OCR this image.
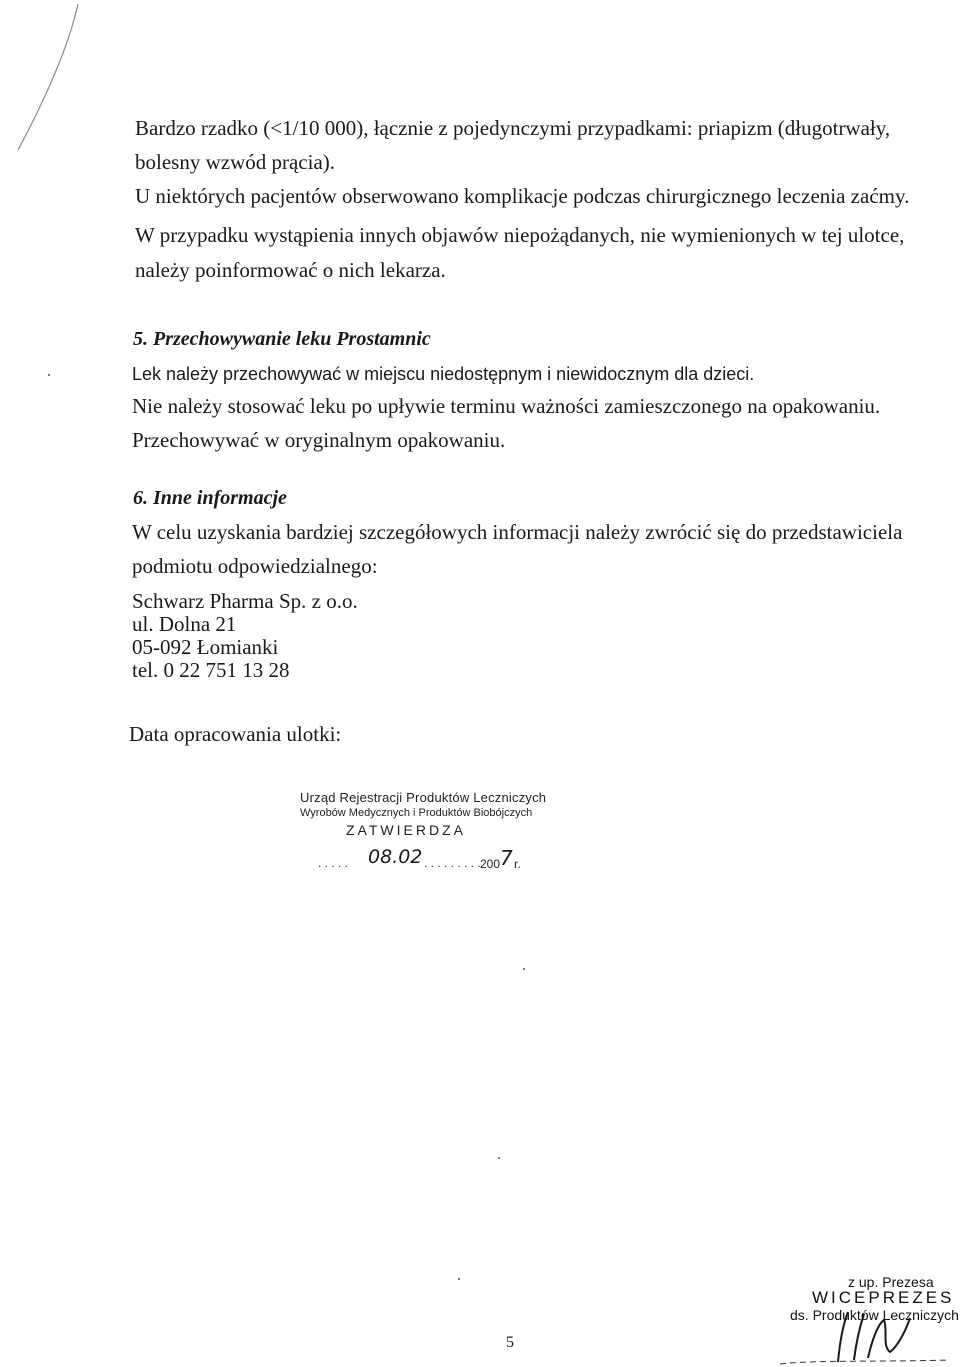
Bardzo rzadko (<1/10 000), łącznie z pojedynczymi przypadkami: priapizm (długotrwały,
bolesny wzwód prącia).
U niektórych pacjentów obserwowano komplikacje podczas chirurgicznego leczenia zaćmy.
W przypadku wystąpienia innych objawów niepożądanych, nie wymienionych w tej ulotce,
należy poinformować o nich lekarza.
5. Przechowywanie leku Prostamnic
Lek należy przechowywać w miejscu niedostępnym i niewidocznym dla dzieci.
Nie należy stosować leku po upływie terminu ważności zamieszczonego na opakowaniu.
Przechowywać w oryginalnym opakowaniu.
6. Inne informacje
W celu uzyskania bardziej szczegółowych informacji należy zwrócić się do przedstawiciela
podmiotu odpowiedzialnego:
Schwarz Pharma Sp. z o.o.
ul. Dolna 21
05-092 Łomianki
tel. 0 22 751 13 28
Data opracowania ulotki:
Urząd Rejestracji Produktów Leczniczych
Wyrobów Medycznych i Produktów Biobójczych
ZATWIERDZA
. . . . . 08.02 . . . . . . . . . 200 7 r.
5
z up. Prezesa
WICEPREZES
ds. Produktów Leczniczych
